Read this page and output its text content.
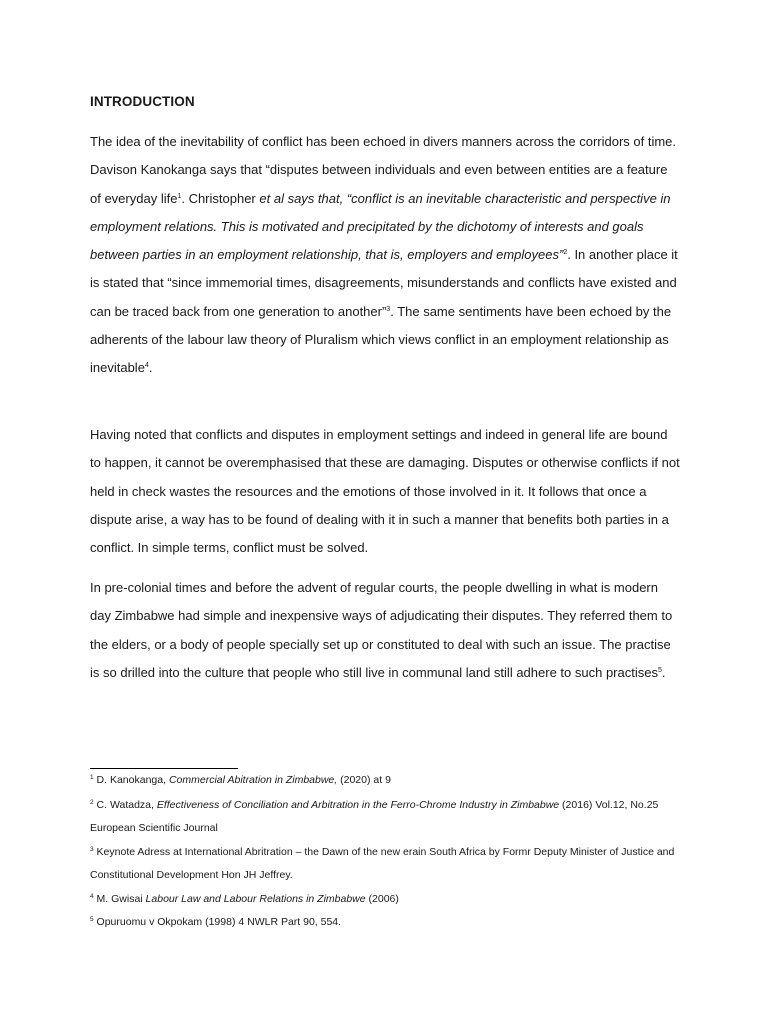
INTRODUCTION
The idea of the inevitability of conflict has been echoed in divers manners across the corridors of time. Davison Kanokanga says that “disputes between individuals and even between entities are a feature of everyday life$^1$. Christopher et al says that, “conflict is an inevitable characteristic and perspective in employment relations. This is motivated and precipitated by the dichotomy of interests and goals between parties in an employment relationship, that is, employers and employees”$^2$. In another place it is stated that “since immemorial times, disagreements, misunderstands and conflicts have existed and can be traced back from one generation to another”$^3$. The same sentiments have been echoed by the adherents of the labour law theory of Pluralism which views conflict in an employment relationship as inevitable$^4$.
Having noted that conflicts and disputes in employment settings and indeed in general life are bound to happen, it cannot be overemphasised that these are damaging. Disputes or otherwise conflicts if not held in check wastes the resources and the emotions of those involved in it. It follows that once a dispute arise, a way has to be found of dealing with it in such a manner that benefits both parties in a conflict. In simple terms, conflict must be solved.
In pre-colonial times and before the advent of regular courts, the people dwelling in what is modern day Zimbabwe had simple and inexpensive ways of adjudicating their disputes. They referred them to the elders, or a body of people specially set up or constituted to deal with such an issue. The practise is so drilled into the culture that people who still live in communal land still adhere to such practises$^5$.
$^1$ D. Kanokanga, Commercial Abitration in Zimbabwe, (2020) at 9
$^2$ C. Watadza, Effectiveness of Conciliation and Arbitration in the Ferro-Chrome Industry in Zimbabwe (2016) Vol.12, No.25 European Scientific Journal
$^3$ Keynote Adress at International Abritration – the Dawn of the new erain South Africa by Formr Deputy Minister of Justice and Constitutional Development Hon JH Jeffrey.
$^4$ M. Gwisai Labour Law and Labour Relations in Zimbabwe (2006)
$^5$ Opuruomu v Okpokam (1998) 4 NWLR Part 90, 554.
